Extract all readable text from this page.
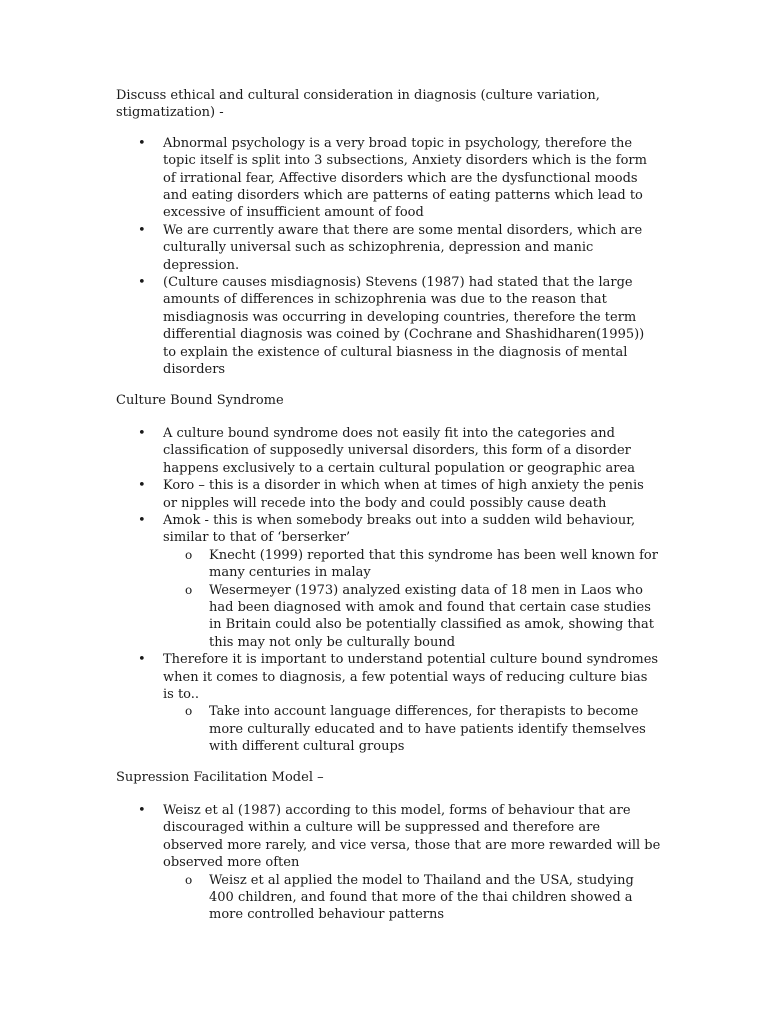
Discuss ethical and cultural consideration in diagnosis (culture variation, stigmatization) -

• Abnormal psychology is a very broad topic in psychology, therefore the topic itself is split into 3 subsections, Anxiety disorders which is the form of irrational fear, Affective disorders which are the dysfunctional moods and eating disorders which are patterns of eating patterns which lead to excessive of insufficient amount of food
• We are currently aware that there are some mental disorders, which are culturally universal such as schizophrenia, depression and manic depression.
• (Culture causes misdiagnosis) Stevens (1987) had stated that the large amounts of differences in schizophrenia was due to the reason that misdiagnosis was occurring in developing countries, therefore the term differential diagnosis was coined by (Cochrane and Shashidharen(1995)) to explain the existence of cultural biasness in the diagnosis of mental disorders

Culture Bound Syndrome

• A culture bound syndrome does not easily fit into the categories and classification of supposedly universal disorders, this form of a disorder happens exclusively to a certain cultural population or geographic area
• Koro – this is a disorder in which when at times of high anxiety the penis or nipples will recede into the body and could possibly cause death
• Amok - this is when somebody breaks out into a sudden wild behaviour, similar to that of ‘berserker’
o Knecht (1999) reported that this syndrome has been well known for many centuries in malay
o Wesermeyer (1973) analyzed existing data of 18 men in Laos who had been diagnosed with amok and found that certain case studies in Britain could also be potentially classified as amok, showing that this may not only be culturally bound
• Therefore it is important to understand potential culture bound syndromes when it comes to diagnosis, a few potential ways of reducing culture bias is to..
o Take into account language differences, for therapists to become more culturally educated and to have patients identify themselves with different cultural groups

Supression Facilitation Model –

• Weisz et al (1987) according to this model, forms of behaviour that are discouraged within a culture will be suppressed and therefore are observed more rarely, and vice versa, those that are more rewarded will be observed more often
o Weisz et al applied the model to Thailand and the USA, studying 400 children, and found that more of the thai children showed a more controlled behaviour patterns
